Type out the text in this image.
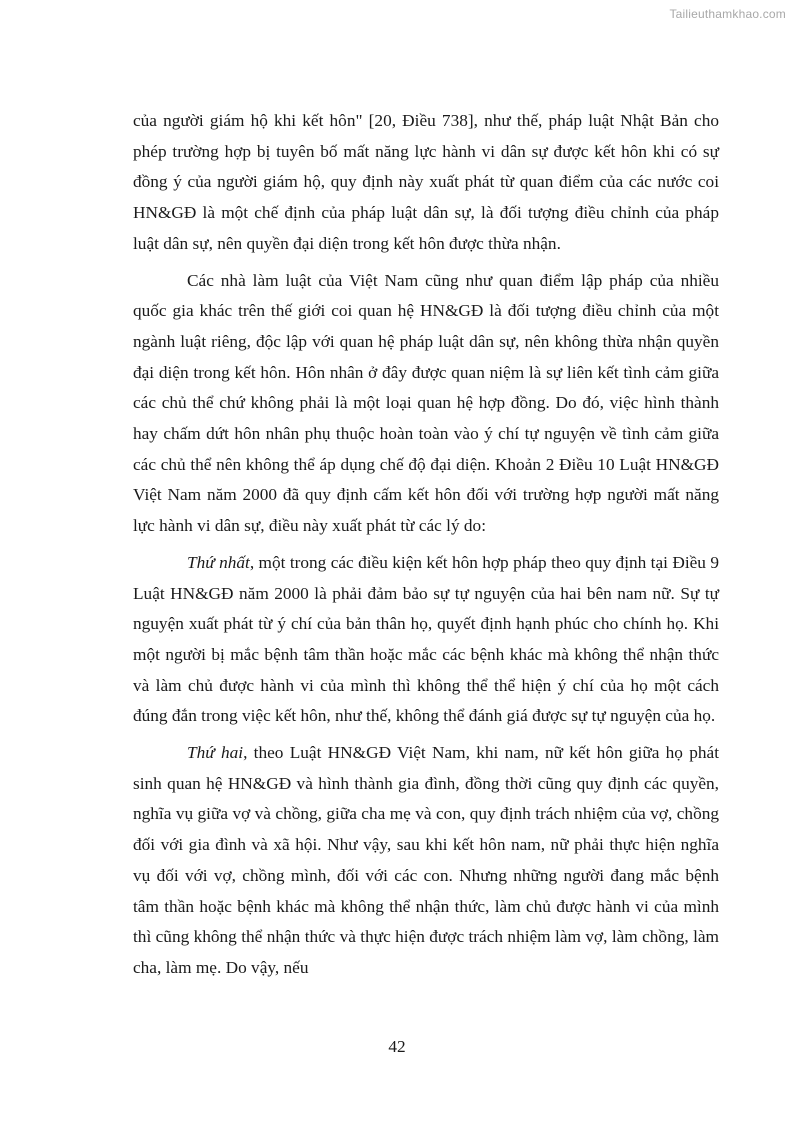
Tailieuthamkhao.com

của người giám hộ khi kết hôn" [20, Điều 738], như thế, pháp luật Nhật Bản cho phép trường hợp bị tuyên bố mất năng lực hành vi dân sự được kết hôn khi có sự đồng ý của người giám hộ, quy định này xuất phát từ quan điểm của các nước coi HN&GĐ là một chế định của pháp luật dân sự, là đối tượng điều chỉnh của pháp luật dân sự, nên quyền đại diện trong kết hôn được thừa nhận.

Các nhà làm luật của Việt Nam cũng như quan điểm lập pháp của nhiều quốc gia khác trên thế giới coi quan hệ HN&GĐ là đối tượng điều chỉnh của một ngành luật riêng, độc lập với quan hệ pháp luật dân sự, nên không thừa nhận quyền đại diện trong kết hôn. Hôn nhân ở đây được quan niệm là sự liên kết tình cảm giữa các chủ thể chứ không phải là một loại quan hệ hợp đồng. Do đó, việc hình thành hay chấm dứt hôn nhân phụ thuộc hoàn toàn vào ý chí tự nguyện về tình cảm giữa các chủ thể nên không thể áp dụng chế độ đại diện. Khoản 2 Điều 10 Luật HN&GĐ Việt Nam năm 2000 đã quy định cấm kết hôn đối với trường hợp người mất năng lực hành vi dân sự, điều này xuất phát từ các lý do:

Thứ nhất, một trong các điều kiện kết hôn hợp pháp theo quy định tại Điều 9 Luật HN&GĐ năm 2000 là phải đảm bảo sự tự nguyện của hai bên nam nữ. Sự tự nguyện xuất phát từ ý chí của bản thân họ, quyết định hạnh phúc cho chính họ. Khi một người bị mắc bệnh tâm thần hoặc mắc các bệnh khác mà không thể nhận thức và làm chủ được hành vi của mình thì không thể thể hiện ý chí của họ một cách đúng đắn trong việc kết hôn, như thế, không thể đánh giá được sự tự nguyện của họ.

Thứ hai, theo Luật HN&GĐ Việt Nam, khi nam, nữ kết hôn giữa họ phát sinh quan hệ HN&GĐ và hình thành gia đình, đồng thời cũng quy định các quyền, nghĩa vụ giữa vợ và chồng, giữa cha mẹ và con, quy định trách nhiệm của vợ, chồng đối với gia đình và xã hội. Như vậy, sau khi kết hôn nam, nữ phải thực hiện nghĩa vụ đối với vợ, chồng mình, đối với các con. Nhưng những người đang mắc bệnh tâm thần hoặc bệnh khác mà không thể nhận thức, làm chủ được hành vi của mình thì cũng không thể nhận thức và thực hiện được trách nhiệm làm vợ, làm chồng, làm cha, làm mẹ. Do vậy, nếu

42
